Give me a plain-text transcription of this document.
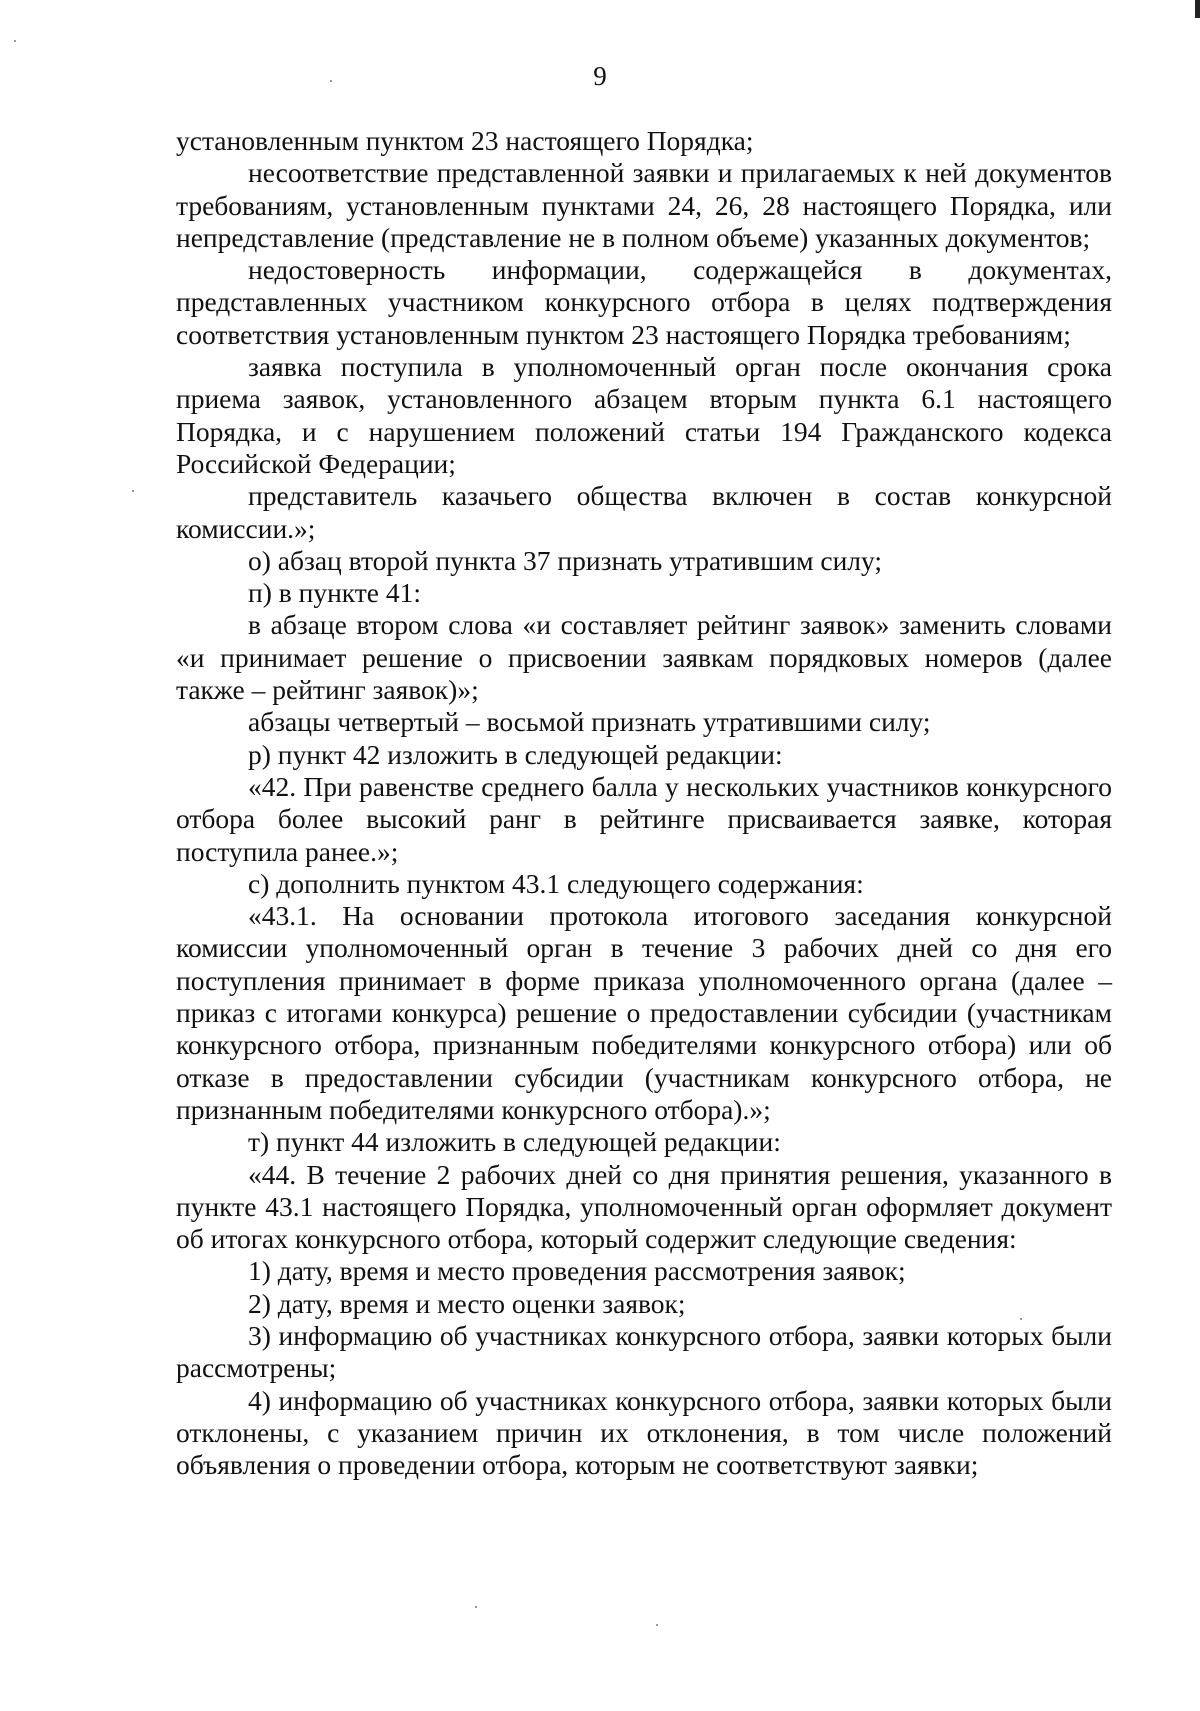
9

установленным пунктом 23 настоящего Порядка;

несоответствие представленной заявки и прилагаемых к ней документов требованиям, установленным пунктами 24, 26, 28 настоящего Порядка, или непредставление (представление не в полном объеме) указанных документов;

недостоверность информации, содержащейся в документах, представленных участником конкурсного отбора в целях подтверждения соответствия установленным пунктом 23 настоящего Порядка требованиям;

заявка поступила в уполномоченный орган после окончания срока приема заявок, установленного абзацем вторым пункта 6.1 настоящего Порядка, и с нарушением положений статьи 194 Гражданского кодекса Российской Федерации;

представитель казачьего общества включен в состав конкурсной комиссии.»;

о) абзац второй пункта 37 признать утратившим силу;

п) в пункте 41:

в абзаце втором слова «и составляет рейтинг заявок» заменить словами «и принимает решение о присвоении заявкам порядковых номеров (далее также – рейтинг заявок)»;

абзацы четвертый – восьмой признать утратившими силу;

р) пункт 42 изложить в следующей редакции:

«42. При равенстве среднего балла у нескольких участников конкурсного отбора более высокий ранг в рейтинге присваивается заявке, которая поступила ранее.»;

с) дополнить пунктом 43.1 следующего содержания:

«43.1. На основании протокола итогового заседания конкурсной комиссии уполномоченный орган в течение 3 рабочих дней со дня его поступления принимает в форме приказа уполномоченного органа (далее – приказ с итогами конкурса) решение о предоставлении субсидии (участникам конкурсного отбора, признанным победителями конкурсного отбора) или об отказе в предоставлении субсидии (участникам конкурсного отбора, не признанным победителями конкурсного отбора).»;

т) пункт 44 изложить в следующей редакции:

«44. В течение 2 рабочих дней со дня принятия решения, указанного в пункте 43.1 настоящего Порядка, уполномоченный орган оформляет документ об итогах конкурсного отбора, который содержит следующие сведения:

1) дату, время и место проведения рассмотрения заявок;

2) дату, время и место оценки заявок;

3) информацию об участниках конкурсного отбора, заявки которых были рассмотрены;

4) информацию об участниках конкурсного отбора, заявки которых были отклонены, с указанием причин их отклонения, в том числе положений объявления о проведении отбора, которым не соответствуют заявки;
